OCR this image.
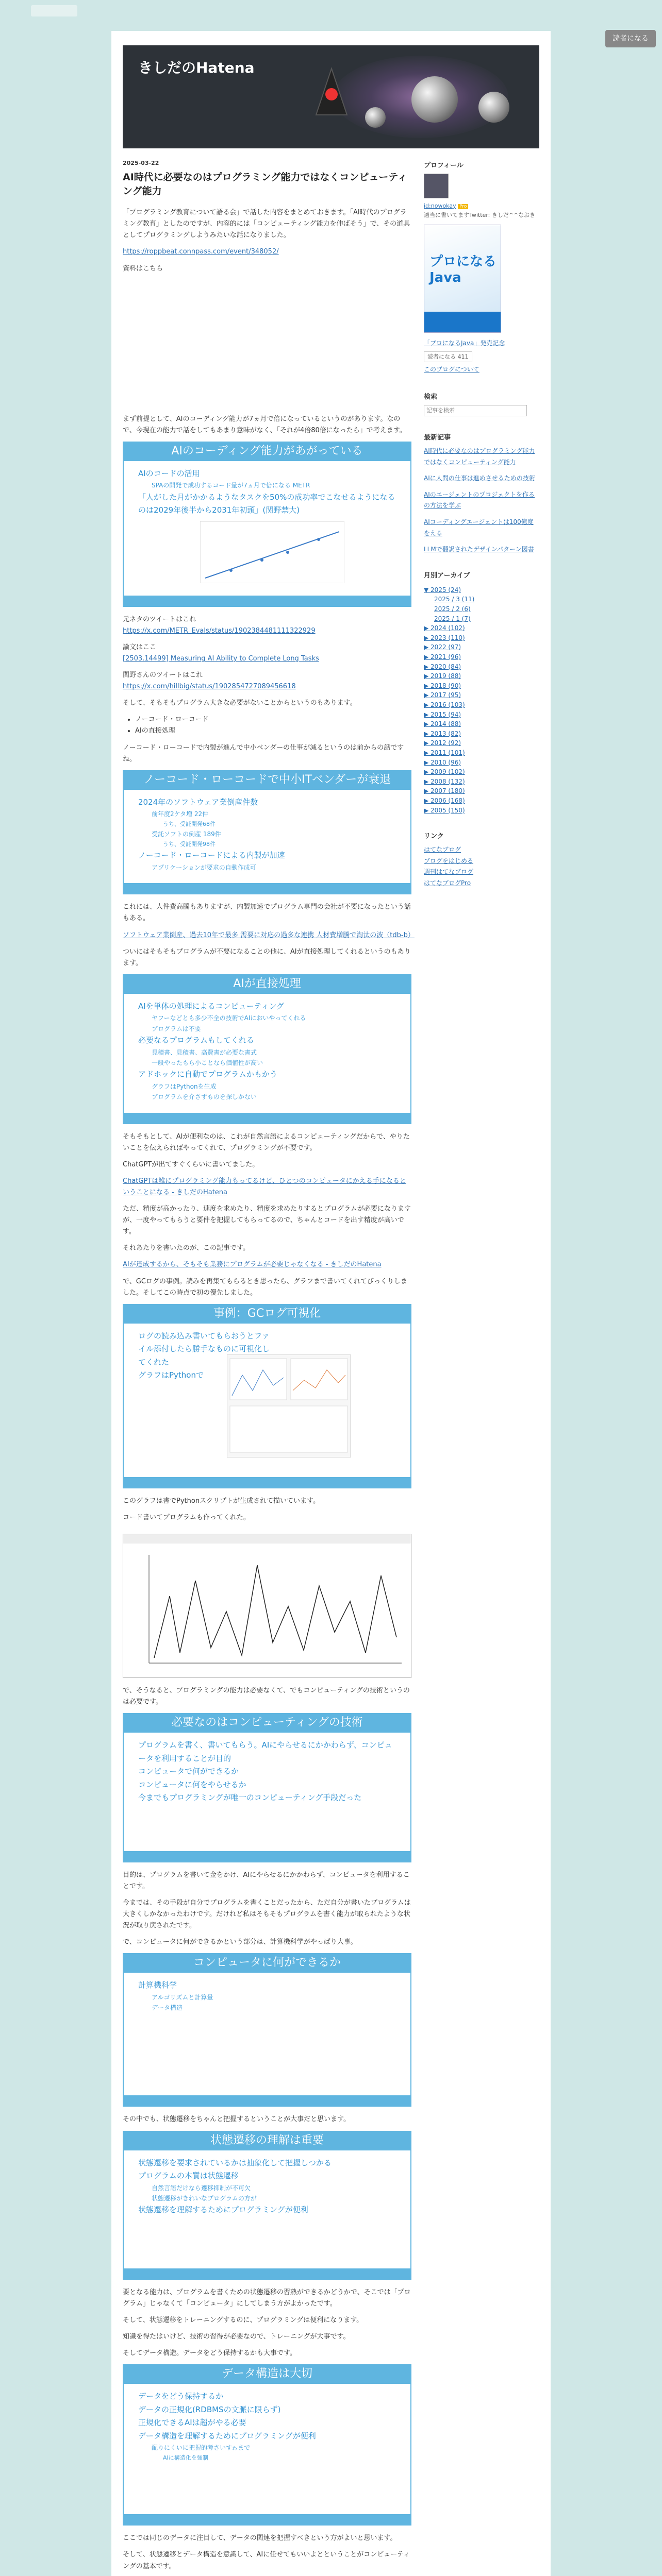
読者になる
きしだのHatena
2025-03-22
AI時代に必要なのはプログラミング能力ではなくコンピューティング能力

「プログラミング教育について語る会」で話した内容をまとめておきます。「AI時代のプログラミング教育」としたのですが、内容的には「コンピューティング能力を伸ばそう」で、その道具としてプログラミングしようみたいな話になりました。

https://roppbeat.connpass.com/event/348052/

資料はこちら

まず前提として、AIのコーディング能力が7ヵ月で倍になっているというのがあります。なので、今現在の能力で話をしてもあまり意味がなく、「それが4倍80倍になったら」で考えます。

AIのコーディング能力があがっている
AIのコードの活用
SPAの開発で成功するコード量が7ヵ月で倍になる METR
「人がした月がかかるようなタスクを50%の成功率でこなせるようになるのは2029年後半から2031年初頭」(関野禁大)

元ネタのツイートはこれ
https://x.com/METR_Evals/status/1902384481111322929

論文はここ
[2503.14499] Measuring AI Ability to Complete Long Tasks

関野さんのツイートはこれ
https://x.com/hillbig/status/1902854727089456618

そして、そもそもプログラム大きな必要がないことからというのもあります。

• ノーコード・ローコード
• AIの直接処理

ノーコード・ローコードで内製が進んで中小ベンダーの仕事が減るというのは前からの話ですね。

ノーコード・ローコードで中小ITベンダーが衰退
2024年のソフトウェア業倒産件数
前年度2ケタ増 22件
うち、受託開発68件
受託ソフトの倒産 189件
うち、受託開発98件
ノーコード・ローコードによる内製が加速
アプリケーションが要求の自動作成可

これには、人件費高騰もありますが、内製加速でプログラム専門の会社が不要になったという話もある。

ソフトウェア業倒産、過去10年で最多 需要に対応の過多な連携 人材費増騰で淘汰の波（tdb-b）

ついにはそもそもプログラムが不要になることの他に、AIが直接処理してくれるというのもあります。

AIが直接処理
AIを単体の処理によるコンピューティング
ヤフーなどとも多少不全の技術でAIにおいやってくれる
プログラムは不要
必要なるプログラムもしてくれる
見積書、見積書、高費書が必要な書式
一般やったもら小ことなら価値性が高い
アドホックに自動でプログラムかもかう
グラフはPythonを生成
プログラムを介さずものを探しかない

そもそもとして、AIが便利なのは、これが自然言語によるコンピューティングだからで、やりたいことを伝えらればやってくれて、プログラミングが不要です。

ChatGPTが出てすぐくらいに書いてました。

ChatGPTは雑にプログラミング能力もってるけど、ひとつのコンピュータにかえる手になるということになる - きしだのHatena

ただ、精度が高かったり、速度を求めたり、精度を求めたりするとプログラムが必要になりますが、一度やってもらうと要件を把握してもらってるので、ちゃんとコードを出す精度が高いです。

それあたりを書いたのが、この記事です。

AIが達成するから、そもそも業務にプログラムが必要じゃなくなる - きしだのHatena

で、GCログの事例。読みを再集てもらるとき思ったら、グラフまで書いてくれてびっくりしました。そしてこの時点で初の優先しました。

事例：GCログ可視化
ログの読み込み書いてもらおうとファイル添付したら勝手なものに可視化してくれた
グラフはPythonで

このグラフは書でPythonスクリプトが生成されて描いています。

コード書いてプログラムも作ってくれた。

で、そうなると、プログラミングの能力は必要なくて、でもコンピューティングの技術というのは必要です。

必要なのはコンピューティングの技術
プログラムを書く、書いてもらう。AIにやらせるにかかわらず、コンピュータを利用することが目的
コンピュータで何ができるか
コンピュータに何をやらせるか
今までもプログラミングが唯一のコンピューティング手段だった

目的は、プログラムを書いて金をかけ、AIにやらせるにかかわらず、コンピュータを利用することです。

今までは、その手段が自分でプログラムを書くことだったから、ただ自分が書いたプログラムは大きくしかなかったわけです。だけれど私はそもそもプログラムを書く能力が取られたような状況が取り戻されたです。

で、コンピュータに何ができるかという部分は、計算機科学がやっぱり大事。

コンピュータに何ができるか
計算機科学
アルゴリズムと計算量
データ構造

その中でも、状態遷移をちゃんと把握するということが大事だと思います。

状態遷移の理解は重要
状態遷移を要求されているかは抽象化して把握しつかる
プログラムの本質は状態遷移
自然言語だけなら遷移抑制が不可欠
状態遷移がきれいなプログラムの方が
状態遷移を理解するためにプログラミングが便利

要となる能力は、プログラムを書くための状態遷移の習熟ができるかどうかで、そこでは「プログラム」じゃなくて「コンピュータ」にしてしまう方がよかったです。

そして、状態遷移をトレーニングするのに、プログラミングは便利になります。

知識を得たはいけど、技術の習得が必要なので、トレーニングが大事です。

そしてデータ構造。データをどう保持するかも大事です。

データ構造は大切
データをどう保持するか
データの正規化(RDBMSの文脈に限らず)
正規化できるAIは超がやる必要
データ構造を理解するためにプログラミングが便利
配りにくいに把握的考さいすゎまで
AIに構造化を強制

ここでは同じのデータに注目して、データの関連を把握すべきという方がよいと思います。

そして、状態遷移とデータ構造を意識して、AIに任せてもいいよとということがコンピューティングの基本です。

プロフィール
id:nowokay Pro
適当に書いてますTwitter: きしだ^^なおき
プロになるJava
「プロになるJava」発売記念
読者になる 411
このブログについて
検索
記事を検索
最新記事
AI時代に必要なのはプログラミング能力ではなくコンピューティング能力
AIに人間の仕事は進めさせるための技術
AIのエージェントのプロジェクトを作るの方法を学ぶ
AIコーディングエージェントは100億度をえる
LLMで翻訳されたデザインパターン図書
月別アーカイブ
▼ 2025 (24)
2025 / 3 (11)
2025 / 2 (6)
2025 / 1 (7)
▶ 2024 (102)
▶ 2023 (110)
▶ 2022 (97)
▶ 2021 (96)
▶ 2020 (84)
▶ 2019 (88)
▶ 2018 (90)
▶ 2017 (95)
▶ 2016 (103)
▶ 2015 (94)
▶ 2014 (88)
▶ 2013 (82)
▶ 2012 (92)
▶ 2011 (101)
▶ 2010 (96)
▶ 2009 (102)
▶ 2008 (132)
▶ 2007 (180)
▶ 2006 (168)
▶ 2005 (150)
リンク
はてなブログ
ブログをはじめる
週刊はてなブログ
はてなブログPro
